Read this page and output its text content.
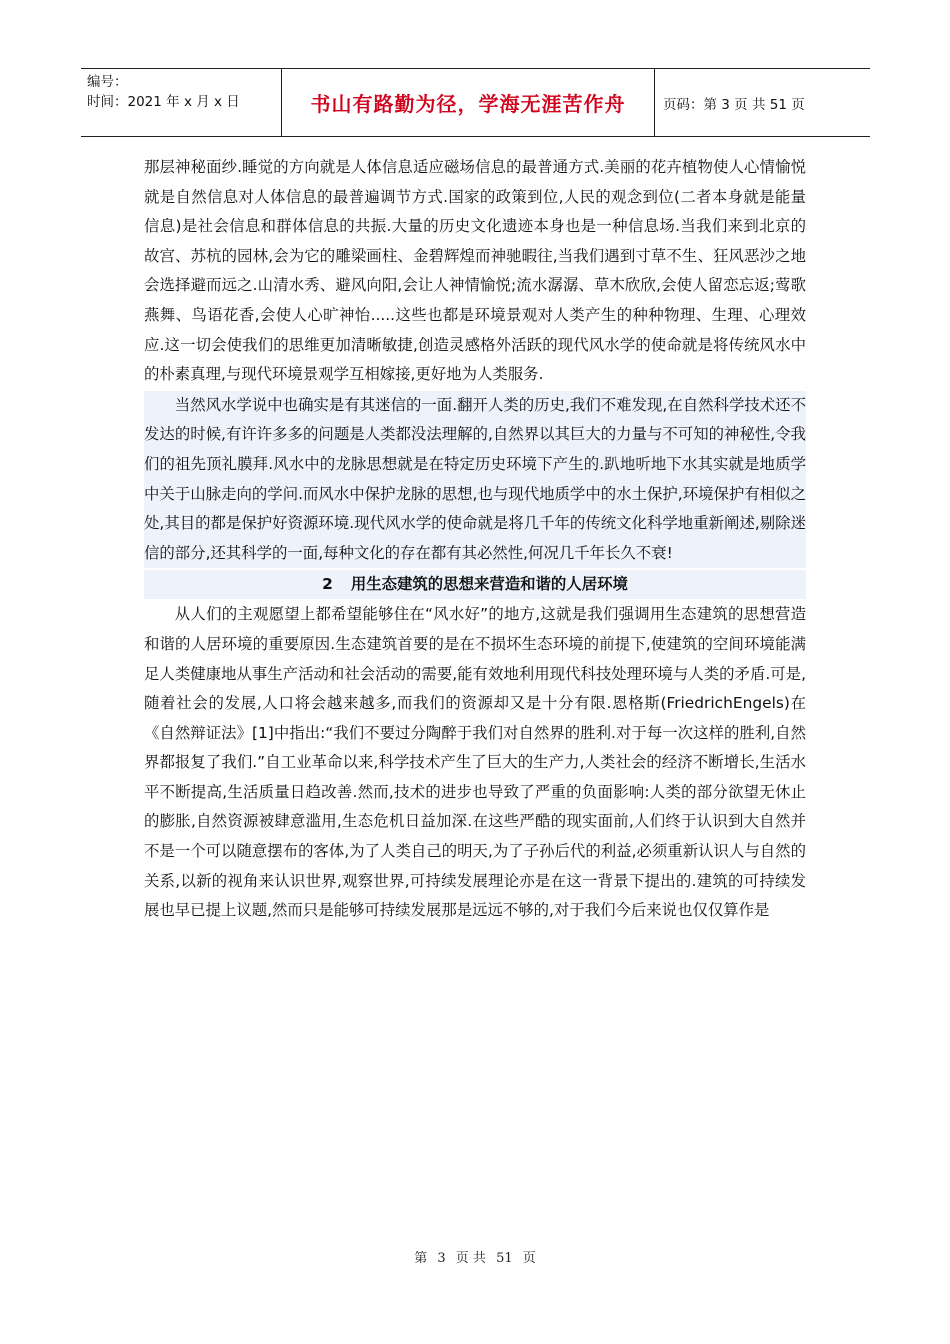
编号：
时间：2021 年 x 月 x 日	书山有路勤为径，学海无涯苦作舟	页码：第 3 页 共 51 页

那层神秘面纱.睡觉的方向就是人体信息适应磁场信息的最普通方式.美丽的花卉植物使人心情愉悦就是自然信息对人体信息的最普遍调节方式.国家的政策到位,人民的观念到位(二者本身就是能量信息)是社会信息和群体信息的共振.大量的历史文化遗迹本身也是一种信息场.当我们来到北京的故宫、苏杭的园林,会为它的雕梁画柱、金碧辉煌而神驰暇往,当我们遇到寸草不生、狂风恶沙之地会选择避而远之.山清水秀、避风向阳,会让人神情愉悦;流水潺潺、草木欣欣,会使人留恋忘返;莺歌燕舞、鸟语花香,会使人心旷神怡.....这些也都是环境景观对人类产生的种种物理、生理、心理效应.这一切会使我们的思维更加清晰敏捷,创造灵感格外活跃的现代风水学的使命就是将传统风水中的朴素真理,与现代环境景观学互相嫁接,更好地为人类服务.

当然风水学说中也确实是有其迷信的一面.翻开人类的历史,我们不难发现,在自然科学技术还不发达的时候,有许许多多的问题是人类都没法理解的,自然界以其巨大的力量与不可知的神秘性,令我们的祖先顶礼膜拜.风水中的龙脉思想就是在特定历史环境下产生的.趴地听地下水其实就是地质学中关于山脉走向的学问.而风水中保护龙脉的思想,也与现代地质学中的水土保护,环境保护有相似之处,其目的都是保护好资源环境.现代风水学的使命就是将几千年的传统文化科学地重新阐述,剔除迷信的部分,还其科学的一面,每种文化的存在都有其必然性,何况几千年长久不衰!

2 用生态建筑的思想来营造和谐的人居环境

从人们的主观愿望上都希望能够住在“风水好”的地方,这就是我们强调用生态建筑的思想营造和谐的人居环境的重要原因.生态建筑首要的是在不损坏生态环境的前提下,使建筑的空间环境能满足人类健康地从事生产活动和社会活动的需要,能有效地利用现代科技处理环境与人类的矛盾.可是,随着社会的发展,人口将会越来越多,而我们的资源却又是十分有限.恩格斯(FriedrichEngels)在《自然辩证法》[1]中指出:“我们不要过分陶醉于我们对自然界的胜利.对于每一次这样的胜利,自然界都报复了我们.”自工业革命以来,科学技术产生了巨大的生产力,人类社会的经济不断增长,生活水平不断提高,生活质量日趋改善.然而,技术的进步也导致了严重的负面影响:人类的部分欲望无休止的膨胀,自然资源被肆意滥用,生态危机日益加深.在这些严酷的现实面前,人们终于认识到大自然并不是一个可以随意摆布的客体,为了人类自己的明天,为了子孙后代的利益,必须重新认识人与自然的关系,以新的视角来认识世界,观察世界,可持续发展理论亦是在这一背景下提出的.建筑的可持续发展也早已提上议题,然而只是能够可持续发展那是远远不够的,对于我们今后来说也仅仅算作是

第 3 页 共 51 页
